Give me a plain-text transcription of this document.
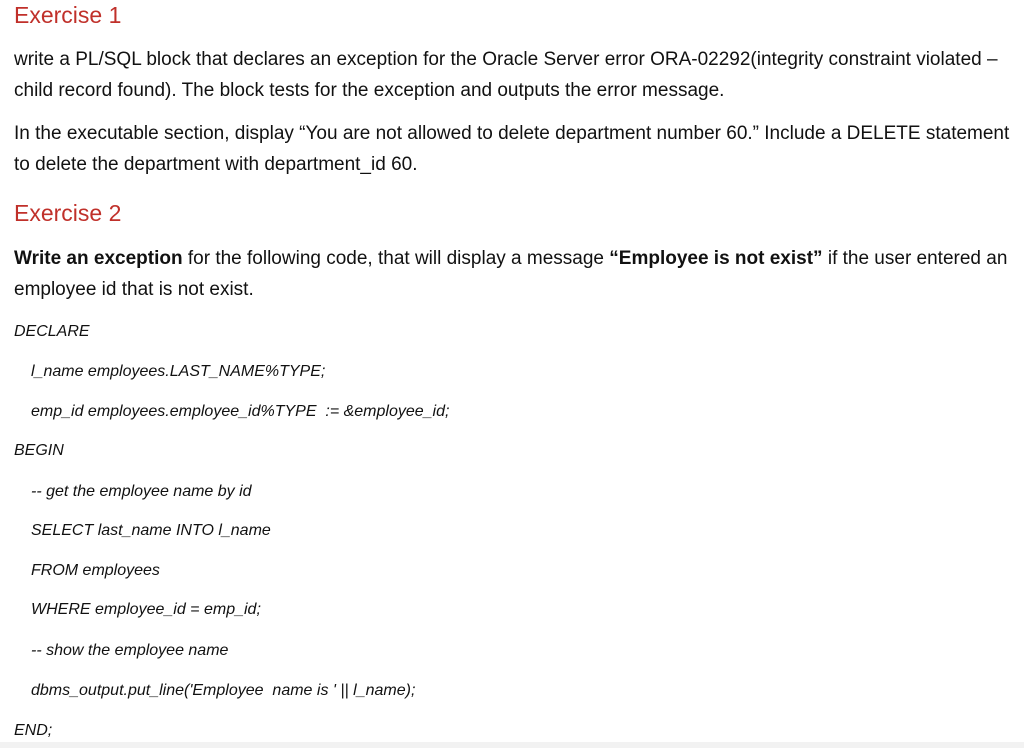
Exercise 1

write a PL/SQL block that declares an exception for the Oracle Server error ORA-02292(integrity constraint violated – child record found). The block tests for the exception and outputs the error message.

In the executable section, display “You are not allowed to delete department number 60.” Include a DELETE statement to delete the department with department_id 60.

Exercise 2

Write an exception for the following code, that will display a message “Employee is not exist” if the user entered an employee id that is not exist.

DECLARE
l_name employees.LAST_NAME%TYPE;
emp_id employees.employee_id%TYPE  := &employee_id;
BEGIN
-- get the employee name by id
SELECT last_name INTO l_name
FROM employees
WHERE employee_id = emp_id;
-- show the employee name
dbms_output.put_line('Employee  name is ' || l_name);
END;
